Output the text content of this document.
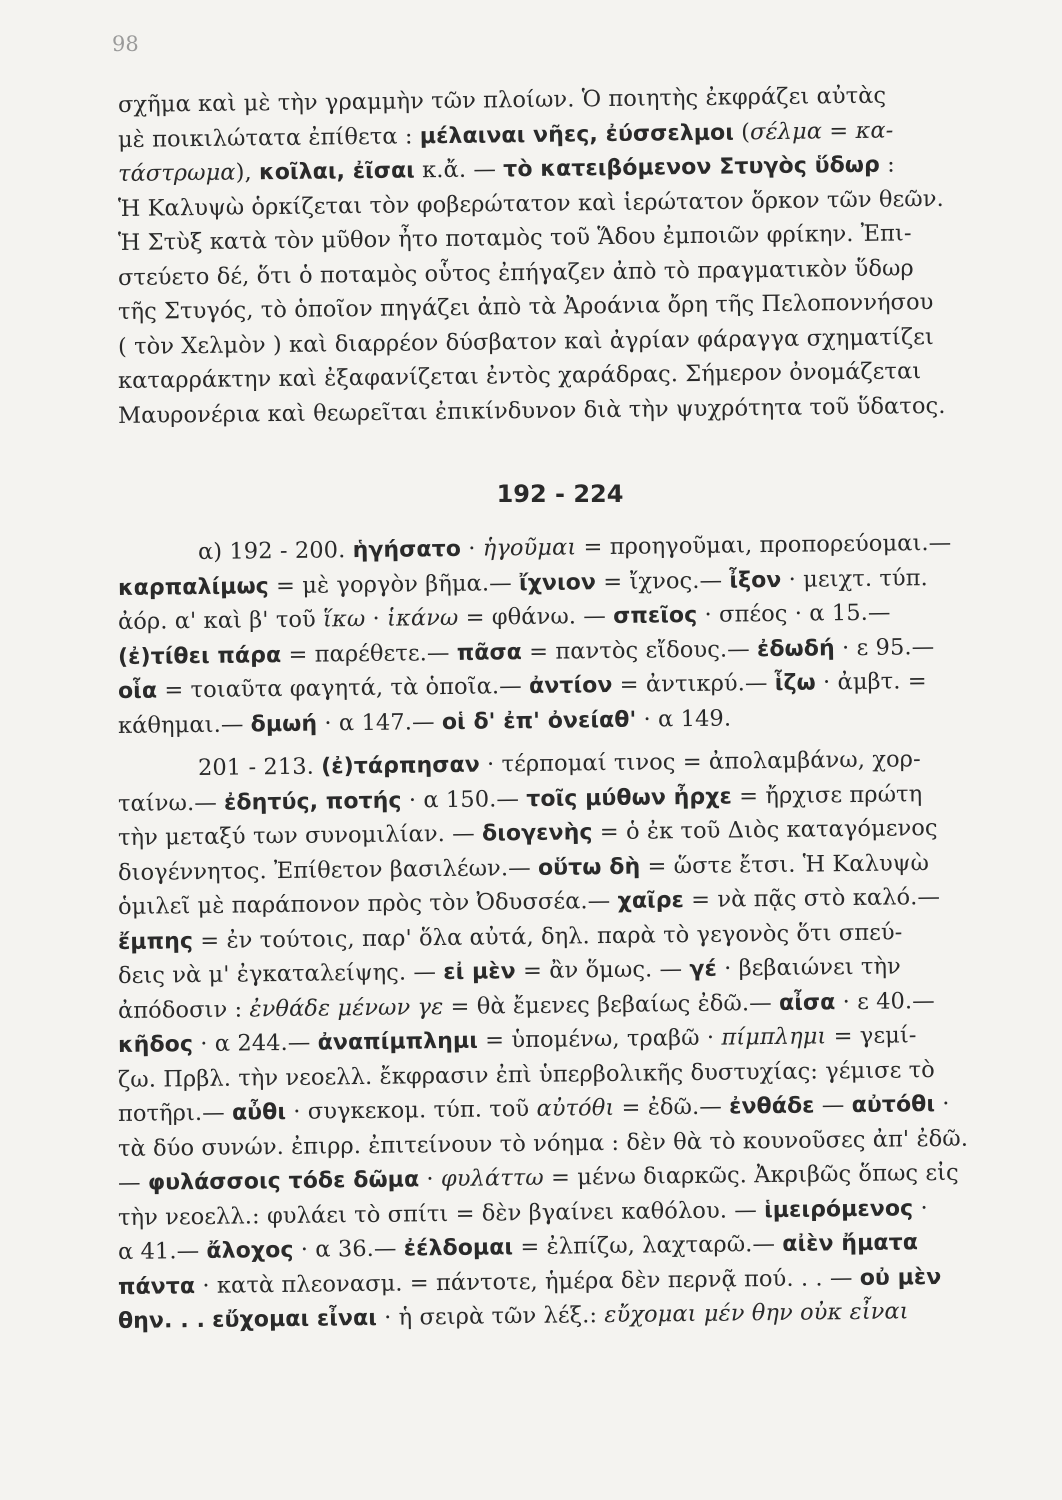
98
σχῆμα καὶ μὲ τὴν γραμμὴν τῶν πλοίων. Ὁ ποιητὴς ἐκφράζει αὐτὰς
μὲ ποικιλώτατα ἐπίθετα : μέλαιναι νῆες, ἐύσσελμοι (σέλμα = κα-
τάστρωμα), κοῖλαι, ἐῖσαι κ.ἄ. — τὸ κατειβόμενον Στυγὸς ὕδωρ :
Ἡ Καλυψὼ ὁρκίζεται τὸν φοβερώτατον καὶ ἱερώτατον ὅρκον τῶν θεῶν.
Ἡ Στὺξ κατὰ τὸν μῦθον ἦτο ποταμὸς τοῦ Ἅδου ἐμποιῶν φρίκην. Ἐπι-
στεύετο δέ, ὅτι ὁ ποταμὸς οὗτος ἐπήγαζεν ἀπὸ τὸ πραγματικὸν ὕδωρ
τῆς Στυγός, τὸ ὁποῖον πηγάζει ἀπὸ τὰ Ἀροάνια ὄρη τῆς Πελοποννήσου
( τὸν Χελμὸν ) καὶ διαρρέον δύσβατον καὶ ἀγρίαν φάραγγα σχηματίζει
καταρράκτην καὶ ἐξαφανίζεται ἐντὸς χαράδρας. Σήμερον ὀνομάζεται
Μαυρονέρια καὶ θεωρεῖται ἐπικίνδυνον διὰ τὴν ψυχρότητα τοῦ ὕδατος.
192 - 224
α) 192 - 200. ἡγήσατο · ἡγοῦμαι = προηγοῦμαι, προπορεύομαι.—
καρπαλίμως = μὲ γοργὸν βῆμα.— ἴχνιον = ἴχνος.— ἶξον · μειχτ. τύπ.
ἀόρ. α' καὶ β' τοῦ ἵκω · ἱκάνω = φθάνω. — σπεῖος · σπέος · α 15.—
(ἐ)τίθει πάρα = παρέθετε.— πᾶσα = παντὸς εἴδους.— ἐδωδή · ε 95.—
οἷα = τοιαῦτα φαγητά, τὰ ὁποῖα.— ἀντίον = ἀντικρύ.— ἷζω · ἀμβτ. =
κάθημαι.— δμωή · α 147.— οἱ δ' ἐπ' ὀνείαθ' · α 149.
201 - 213. (ἐ)τάρπησαν · τέρπομαί τινος = ἀπολαμβάνω, χορ-
ταίνω.— ἐδητύς, ποτής · α 150.— τοῖς μύθων ἦρχε = ἤρχισε πρώτη
τὴν μεταξύ των συνομιλίαν. — διογενὴς = ὁ ἐκ τοῦ Διὸς καταγόμενος
διογέννητος. Ἐπίθετον βασιλέων.— οὕτω δὴ = ὥστε ἔτσι. Ἡ Καλυψὼ
ὁμιλεῖ μὲ παράπονον πρὸς τὸν Ὀδυσσέα.— χαῖρε = νὰ πᾷς στὸ καλό.—
ἔμπης = ἐν τούτοις, παρ' ὅλα αὐτά, δηλ. παρὰ τὸ γεγονὸς ὅτι σπεύ-
δεις νὰ μ' ἐγκαταλείψης. — εἰ μὲν = ἂν ὅμως. — γέ · βεβαιώνει τὴν
ἀπόδοσιν : ἐνθάδε μένων γε = θὰ ἔμενες βεβαίως ἐδῶ.— αἶσα · ε 40.—
κῆδος · α 244.— ἀναπίμπλημι = ὑπομένω, τραβῶ · πίμπλημι = γεμί-
ζω. Πρβλ. τὴν νεοελλ. ἔκφρασιν ἐπὶ ὑπερβολικῆς δυστυχίας: γέμισε τὸ
ποτῆρι.— αὖθι · συγκεκομ. τύπ. τοῦ αὐτόθι = ἐδῶ.— ἐνθάδε — αὐτόθι ·
τὰ δύο συνών. ἐπιρρ. ἐπιτείνουν τὸ νόημα : δὲν θὰ τὸ κουνοῦσες ἀπ' ἐδῶ.
— φυλάσσοις τόδε δῶμα · φυλάττω = μένω διαρκῶς. Ἀκριβῶς ὅπως εἰς
τὴν νεοελλ.: φυλάει τὸ σπίτι = δὲν βγαίνει καθόλου. — ἱμειρόμενος ·
α 41.— ἄλοχος · α 36.— ἐέλδομαι = ἐλπίζω, λαχταρῶ.— αἰὲν ἤματα
πάντα · κατὰ πλεονασμ. = πάντοτε, ἡμέρα δὲν περνᾷ πού. . . — οὐ μὲν
θην. . . εὔχομαι εἶναι · ἡ σειρὰ τῶν λέξ.: εὔχομαι μέν θην οὐκ εἶναι
